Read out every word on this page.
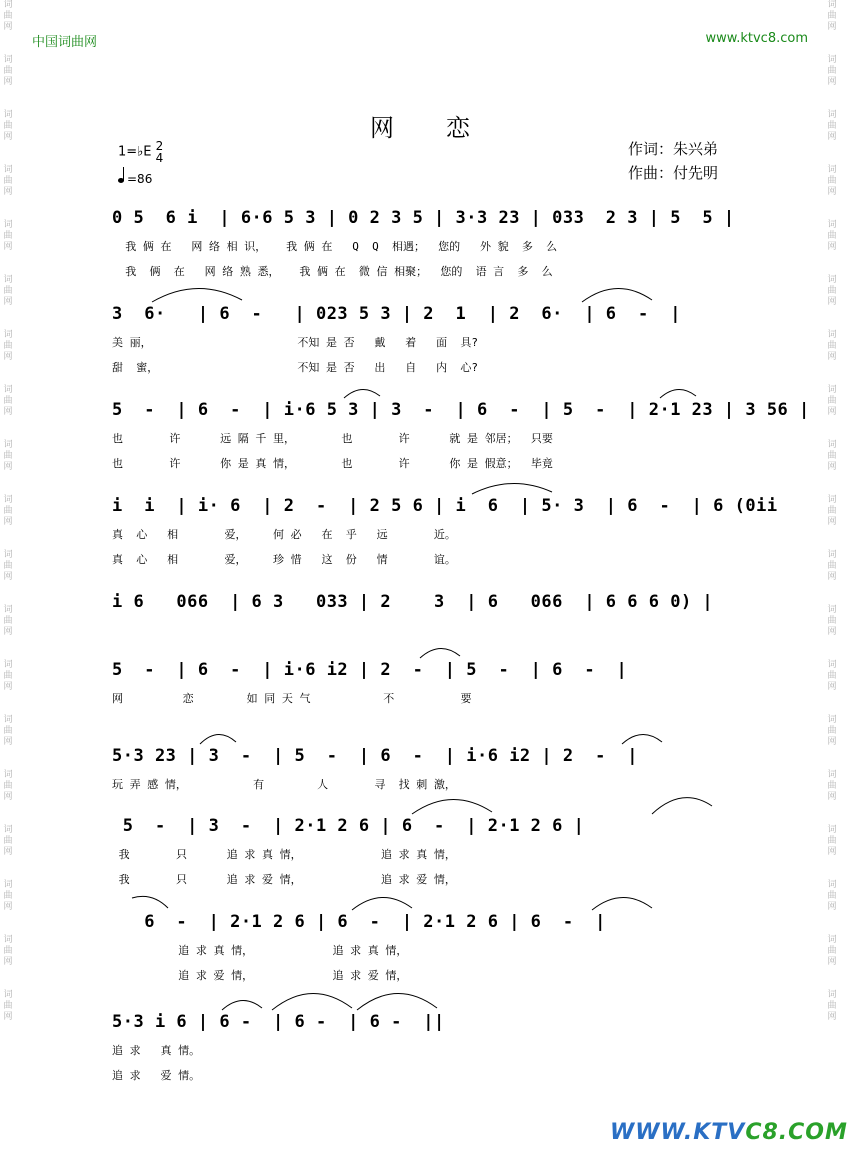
词
曲
网
词
曲
网
词
曲
网
词
曲
网
词
曲
网
词
曲
网
词
曲
网
词
曲
网
词
曲
网
词
曲
网
词
曲
网
词
曲
网
词
曲
网
词
曲
网
词
曲
网
词
曲
网
词
曲
网
词
曲
网
词
曲
网
词
曲
网
词
曲
网
词
曲
网
词
曲
网
词
曲
网
词
曲
网
词
曲
网
词
曲
网
词
曲
网
词
曲
网
词
曲
网
词
曲
网
词
曲
网
词
曲
网
词
曲
网
词
曲
网
词
曲
网
词
曲
网
词
曲
网
中国词曲网	www.ktvc8.com
网恋
作词：朱兴弟
作曲：付先明
1=♭E 2
4
=86
0 5  6 i  | 6·6 5 3 | 0 2 3 5 | 3·3 23 | 033  2 3 | 5  5 |
我 俩 在   网 络 相 识，   我 俩 在   Q  Q  相遇；  您的   外 貌  多  么
我  俩  在   网 络 熟 悉，   我 俩 在  微 信 相聚；  您的  语 言  多  么
3  6·   | 6  -   | 023 5 3 | 2  1  | 2  6·  | 6  -  |
美 丽，                      不知 是 否   戴   着   面  具?
甜  蜜，                     不知 是 否   出   自   内  心?
5  -  | 6  -  | i·6 5 3 | 3  -  | 6  -  | 5  -  | 2·1 23 | 3 56 |
也       许      远 隔 千 里，       也       许      就 是 邻居；  只要
也       许      你 是 真 情，       也       许      你 是 假意；  毕竟
i  i  | i· 6  | 2  -  | 2 5 6 | i  6  | 5· 3  | 6  -  | 6 (0ii
真  心   相       爱，    何 必   在  乎   远       近。
真  心   相       爱，    珍 惜   这  份   情       谊。
i 6   066  | 6 3   033 | 2    3  | 6   066  | 6 6 6 0) |
5  -  | 6  -  | i·6 i2 | 2  -  | 5  -  | 6  -  |
网         恋        如 同 天 气           不          要
5·3 23 | 3  -  | 5  -  | 6  -  | i·6 i2 | 2  -  |
玩 弄 感 情，          有        人       寻  找 刺 激，
5  -  | 3  -  | 2·1 2 6 | 6  -  | 2·1 2 6 |
我       只      追 求 真 情，            追 求 真 情，
我       只      追 求 爱 情，            追 求 爱 情，
6  -  | 2·1 2 6 | 6  -  | 2·1 2 6 | 6  -  |
追 求 真 情，            追 求 真 情，
追 求 爱 情，            追 求 爱 情，
5·3 i 6 | 6 -  | 6 -  | 6 -  ||
追 求   真 情。
追 求   爱 情。
WWW.KTVC8.COM
